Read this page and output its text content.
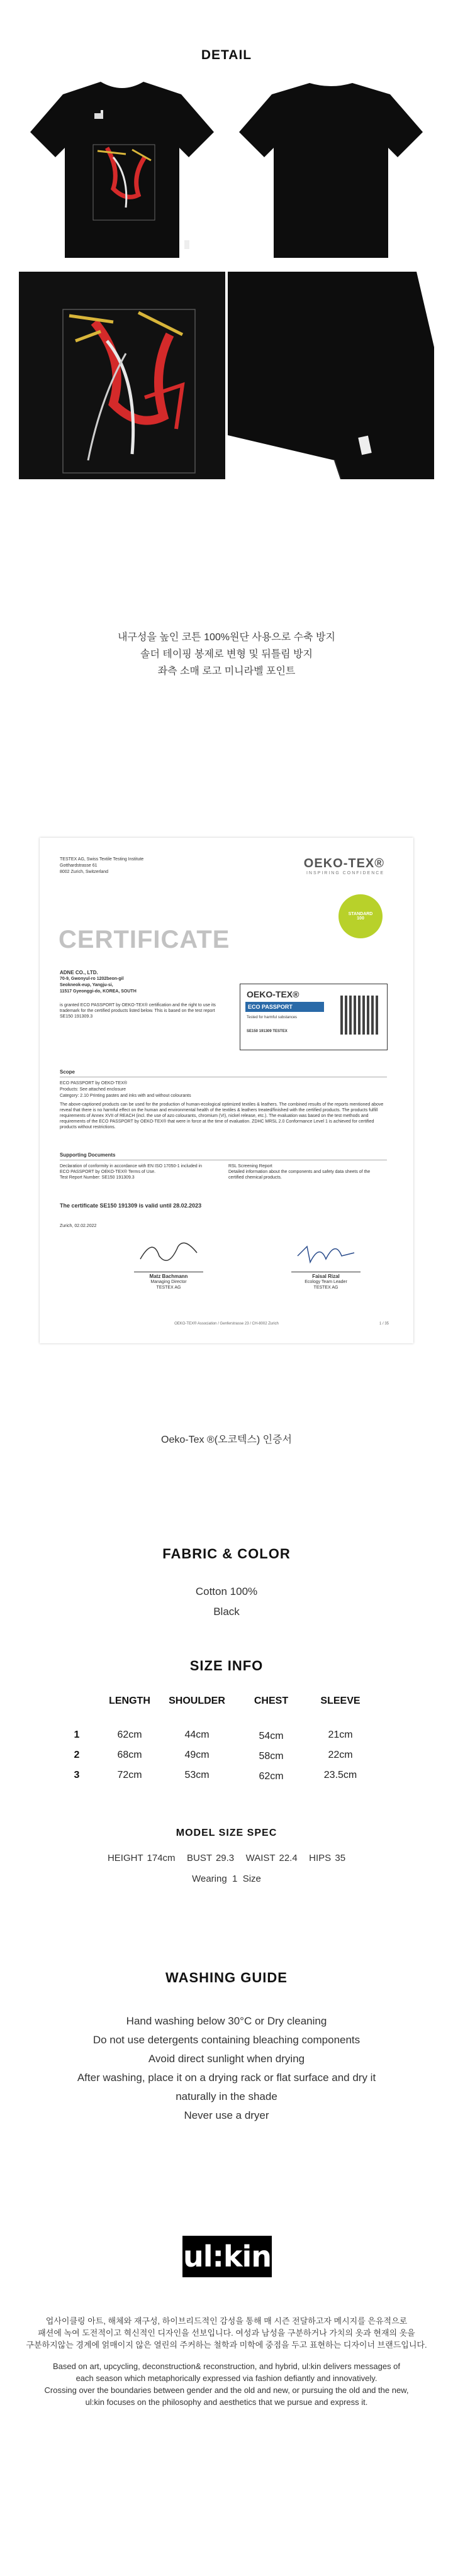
DETAIL
내구성을 높인 코튼 100%원단 사용으로 수축 방지
솔더 테이핑 봉제로 변형 및 뒤틀림 방지
좌측 소매 로고 미니라벨 포인트
TESTEX AG, Swiss Textile Testing Institute
Gotthardstrasse 61
8002 Zurich, Switzerland
OEKO-TEX®
INSPIRING CONFIDENCE
STANDARD 100
CERTIFICATE
ADNE CO., LTD.
70-9, Gwonyul-ro 1202beon-gil
Seokneok-eup, Yangju-si,
11517 Gyeonggi-do, KOREA, SOUTH
is granted ECO PASSPORT by OEKO-TEX® certification and the right to use its trademark for the certified products listed below. This is based on the test report SE150 191309.3
OEKO-TEX®
ECO PASSPORT
Tested for harmful substances
SE150 191309 TESTEX
Scope
ECO PASSPORT by OEKO-TEX®
Products: See attached enclosure
Category: 2.10 Printing pastes and inks with and without colourants
The above-captioned products can be used for the production of human-ecological optimized textiles & leathers. The combined results of the reports mentioned above reveal that there is no harmful effect on the human and environmental health of the textiles & leathers treated/finished with the certified products. The products fulfill requirements of Annex XVII of REACH (incl. the use of azo colourants, chromium (VI), nickel release, etc.). The evaluation was based on the test methods and requirements of the ECO PASSPORT by OEKO-TEX® that were in force at the time of evaluation. ZDHC MRSL 2.0 Conformance Level 1 is achieved for certified products without restrictions.
Supporting Documents
Declaration of conformity in accordance with EN ISO 17050-1 included in ECO PASSPORT by OEKO-TEX® Terms of Use.
Test Report Number: SE150 191309.3
RSL Screening Report
Detailed information about the components and safety data sheets of the certified chemical products.
The certificate SE150 191309 is valid until 28.02.2023
Zurich, 02.02.2022
Matz Bachmann
Managing Director
TESTEX AG
Faisal Rizal
Ecology Team Leader
TESTEX AG
OEKO-TEX® Association / Genferstrasse 23 / CH-8002 Zurich	1 / 35
Oeko-Tex ®(오코텍스) 인증서
FABRIC & COLOR
Cotton 100%
Black
SIZE INFO
LENGTH	SHOULDER	CHEST	SLEEVE
1	62cm	44cm	54cm	21cm
2	68cm	49cm	58cm	22cm
3	72cm	53cm	62cm	23.5cm
MODEL SIZE SPEC
HEIGHT 174cm   BUST 29.3   WAIST 22.4   HIPS 35
Wearing  1  Size
WASHING GUIDE
Hand washing below 30°C or Dry cleaning
Do not use detergents containing bleaching components
Avoid direct sunlight when drying
After washing, place it on a drying rack or flat surface and dry it
naturally in the shade
Never use a dryer
ul:kin
업사이클링 아트, 해체와 재구성, 하이브리드적인 감성을 통해 매 시즌 전달하고자 메시지를 은유적으로
패션에 녹여 도전적이고 혁신적인 디자인을 선보입니다. 여성과 남성을 구분하거나 가치의 옷과 현재의 옷을
구분하지않는 경계에 얽매이지 않은 열린의 주커하는 철학과 미학에 중점을 두고 표현하는 디자이너 브랜드입니다.
Based on art, upcycling, deconstruction& reconstruction, and hybrid, ul:kin delivers messages of
each season which metaphorically expressed via fashion defiantly and innovatively.
Crossing over the boundaries between gender and the old and new, or pursuing the old and the new,
ul:kin focuses on the philosophy and aesthetics that we pursue and express it.
